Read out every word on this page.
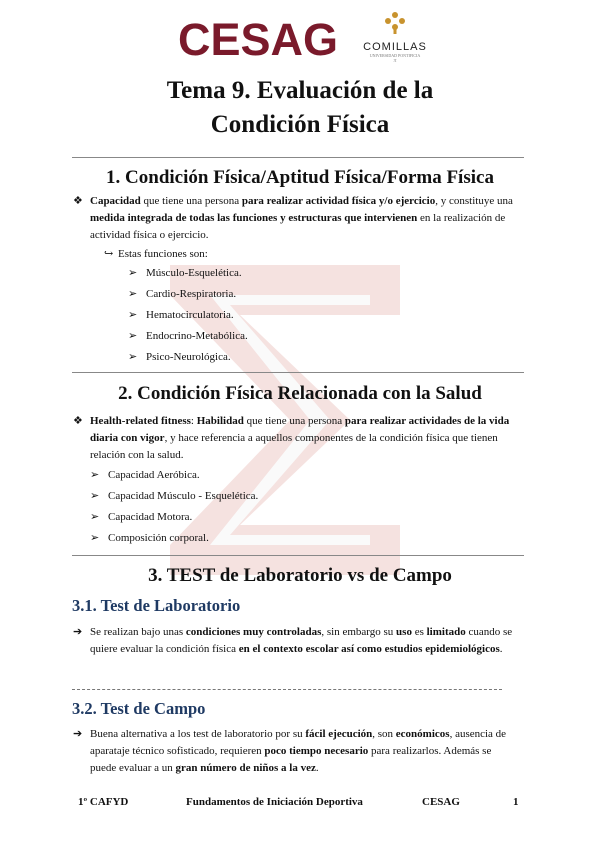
CESAG COMILLAS
UNIVERSIDAD PONTIFICIA
π
Tema 9. Evaluación de la
Condición Física
1. Condición Física/Aptitud Física/Forma Física
❖ Capacidad que tiene una persona para realizar actividad física y/o ejercicio, y constituye una medida integrada de todas las funciones y estructuras que intervienen en la realización de actividad física o ejercicio.
↪ Estas funciones son:
➢ Músculo-Esquelética.
➢ Cardio-Respiratoria.
➢ Hematocirculatoria.
➢ Endocrino-Metabólica.
➢ Psico-Neurológica.
2. Condición Física Relacionada con la Salud
❖ Health-related fitness: Habilidad que tiene una persona para realizar actividades de la vida diaria con vigor, y hace referencia a aquellos componentes de la condición física que tienen relación con la salud.
➢ Capacidad Aeróbica.
➢ Capacidad Músculo - Esquelética.
➢ Capacidad Motora.
➢ Composición corporal.
3. TEST de Laboratorio vs de Campo
3.1. Test de Laboratorio
➔ Se realizan bajo unas condiciones muy controladas, sin embargo su uso es limitado cuando se quiere evaluar la condición física en el contexto escolar así como estudios epidemiológicos.
3.2. Test de Campo
➔ Buena alternativa a los test de laboratorio por su fácil ejecución, son económicos, ausencia de aparataje técnico sofisticado, requieren poco tiempo necesario para realizarlos. Además se puede evaluar a un gran número de niños a la vez.
1º CAFYD	Fundamentos de Iniciación Deportiva	CESAG	1
